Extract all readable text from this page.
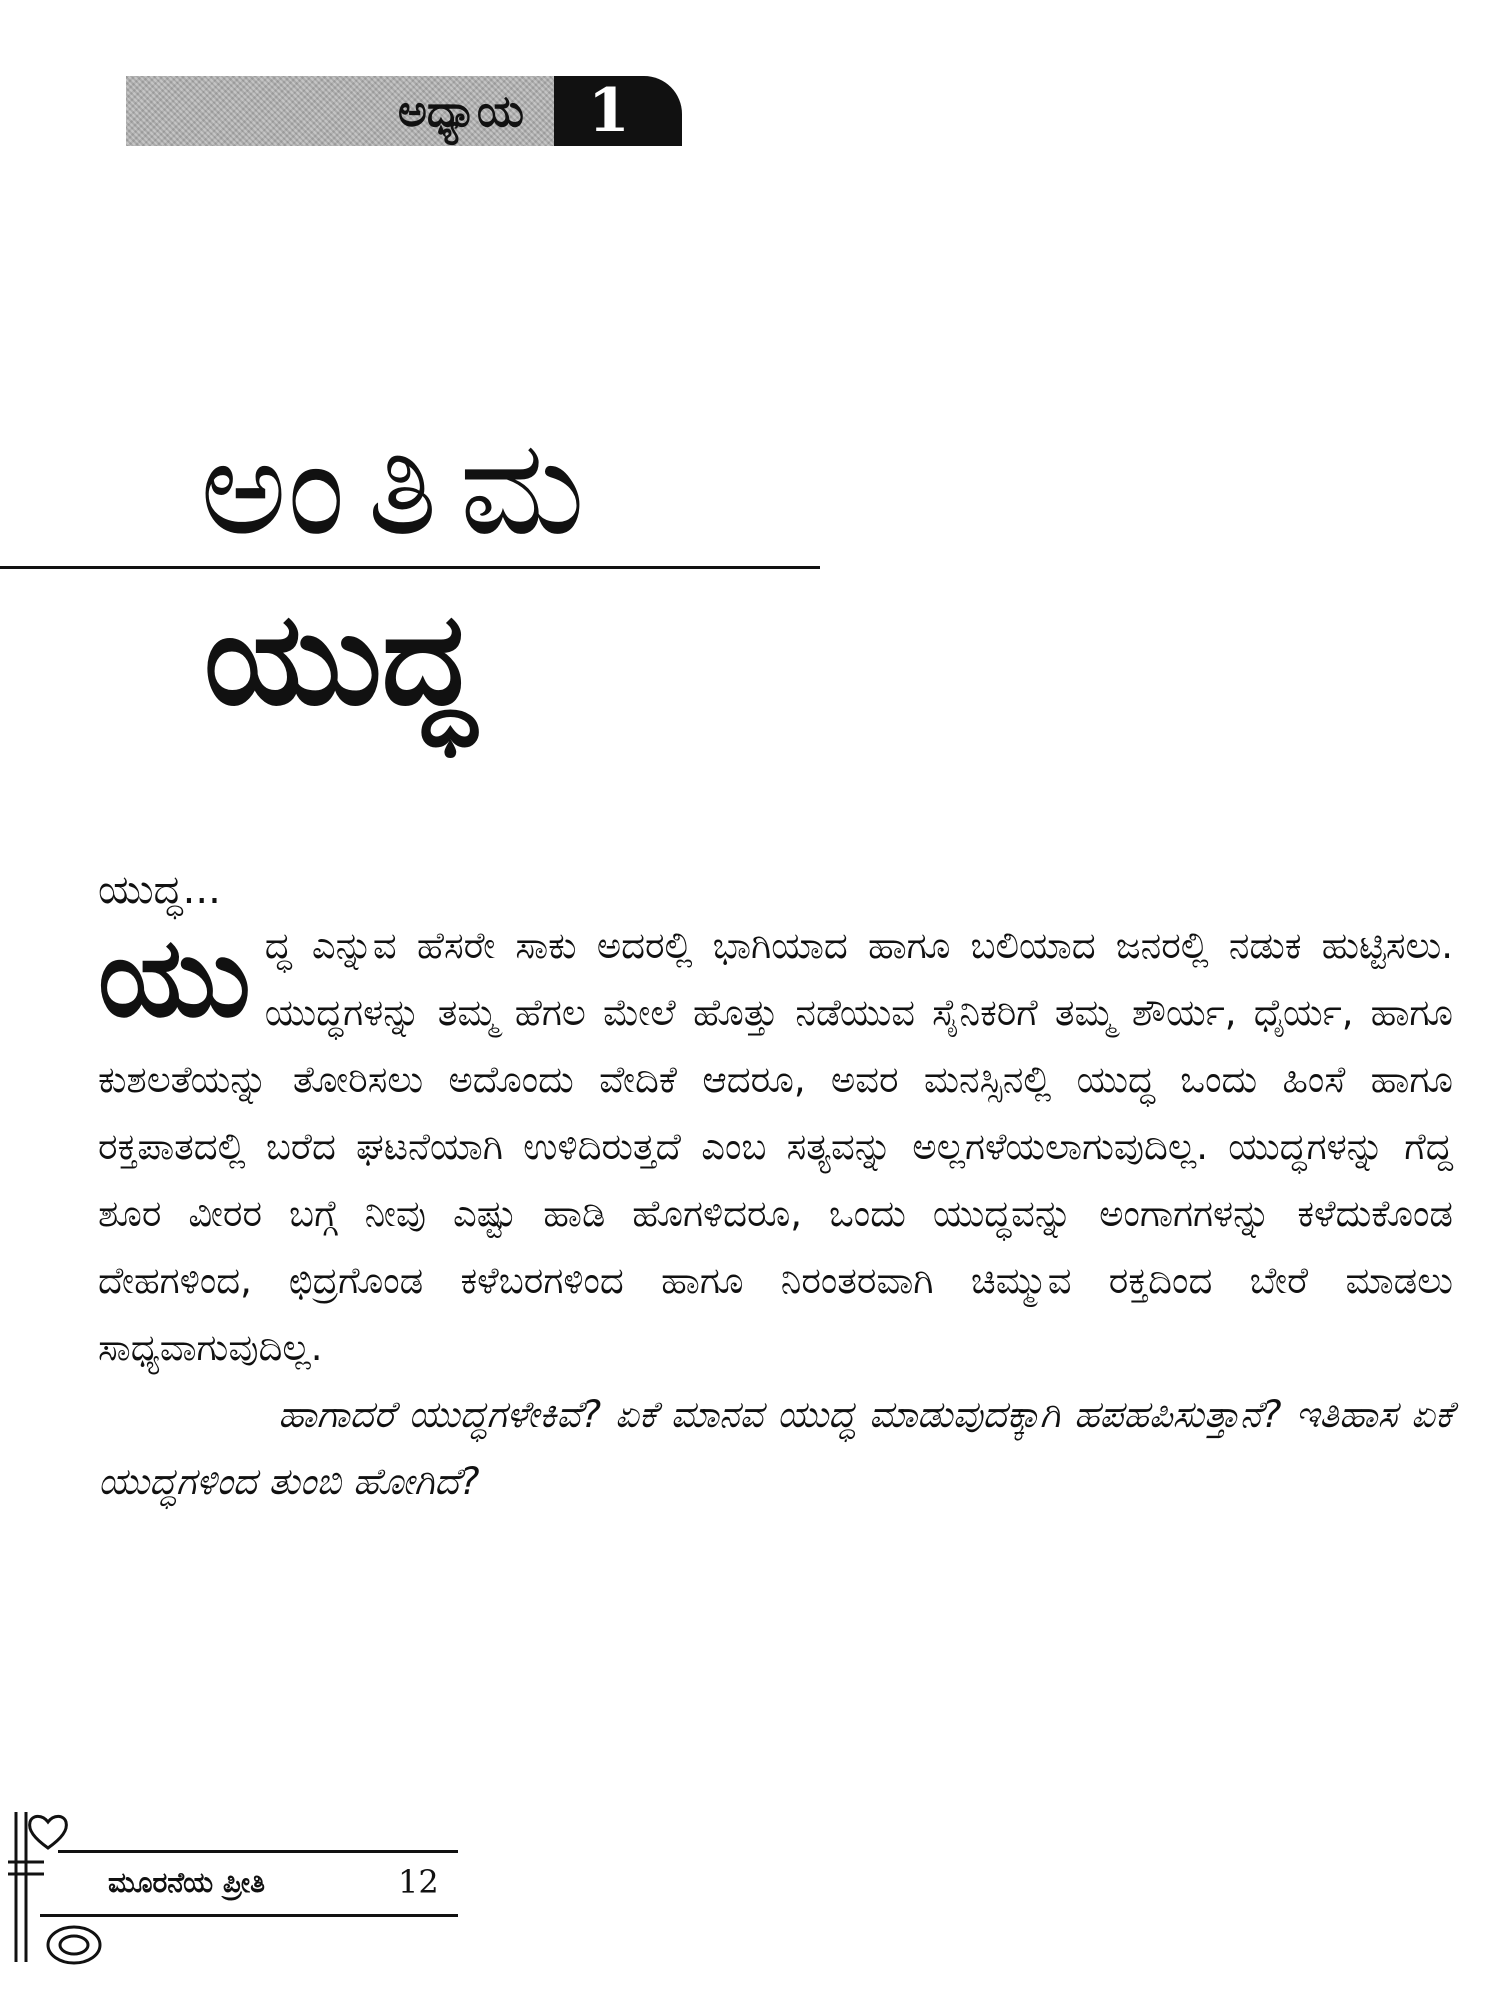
ಅಧ್ಯಾಯ	1
ಅಂತಿಮ
ಯುದ್ಧ
ಯುದ್ಧ...
ಯು ದ್ಧ ಎನ್ನುವ ಹೆಸರೇ ಸಾಕು ಅದರಲ್ಲಿ ಭಾಗಿಯಾದ ಹಾಗೂ ಬಲಿಯಾದ ಜನರಲ್ಲಿ ನಡುಕ ಹುಟ್ಟಿಸಲು. ಯುದ್ಧಗಳನ್ನು ತಮ್ಮ ಹೆಗಲ ಮೇಲೆ ಹೊತ್ತು ನಡೆಯುವ ಸೈನಿಕರಿಗೆ ತಮ್ಮ ಶೌರ್ಯ, ಧೈರ್ಯ, ಹಾಗೂ ಕುಶಲತೆಯನ್ನು ತೋರಿಸಲು ಅದೊಂದು ವೇದಿಕೆ ಆದರೂ, ಅವರ ಮನಸ್ಸಿನಲ್ಲಿ ಯುದ್ಧ ಒಂದು ಹಿಂಸೆ ಹಾಗೂ ರಕ್ತಪಾತದಲ್ಲಿ ಬರೆದ ಘಟನೆಯಾಗಿ ಉಳಿದಿರುತ್ತದೆ ಎಂಬ ಸತ್ಯವನ್ನು ಅಲ್ಲಗಳೆಯಲಾಗುವುದಿಲ್ಲ. ಯುದ್ಧಗಳನ್ನು ಗೆದ್ದ ಶೂರ ವೀರರ ಬಗ್ಗೆ ನೀವು ಎಷ್ಟು ಹಾಡಿ ಹೊಗಳಿದರೂ, ಒಂದು ಯುದ್ಧವನ್ನು ಅಂಗಾಗಗಳನ್ನು ಕಳೆದುಕೊಂಡ ದೇಹಗಳಿಂದ, ಛಿದ್ರಗೊಂಡ ಕಳೆಬರಗಳಿಂದ ಹಾಗೂ ನಿರಂತರವಾಗಿ ಚಿಮ್ಮುವ ರಕ್ತದಿಂದ ಬೇರೆ ಮಾಡಲು ಸಾಧ್ಯವಾಗುವುದಿಲ್ಲ.

ಹಾಗಾದರೆ ಯುದ್ಧಗಳೇಕಿವೆ? ಏಕೆ ಮಾನವ ಯುದ್ಧ ಮಾಡುವುದಕ್ಕಾಗಿ ಹಪಹಪಿಸುತ್ತಾನೆ? ಇತಿಹಾಸ ಏಕೆ ಯುದ್ಧಗಳಿಂದ ತುಂಬಿ ಹೋಗಿದೆ?

ಮೂರನೆಯ ಪ್ರೀತಿ	12
